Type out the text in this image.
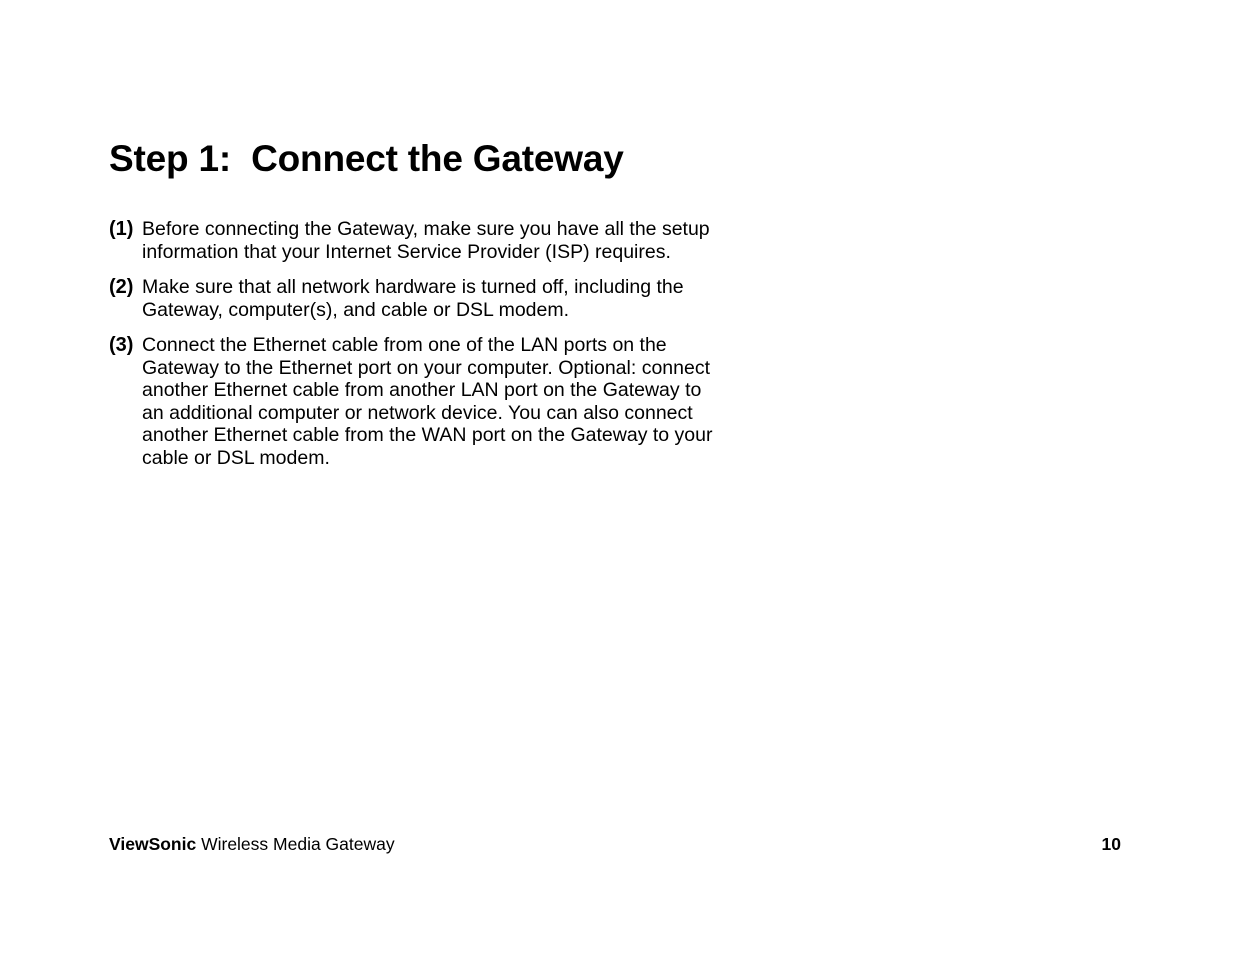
Step 1:  Connect the Gateway
(1) Before connecting the Gateway, make sure you have all the setup information that your Internet Service Provider (ISP) requires.
(2) Make sure that all network hardware is turned off, including the Gateway, computer(s), and cable or DSL modem.
(3) Connect the Ethernet cable from one of the LAN ports on the Gateway to the Ethernet port on your computer. Optional: connect another Ethernet cable from another LAN port on the Gateway to an additional computer or network device. You can also connect another Ethernet cable from the WAN port on the Gateway to your cable or DSL modem.
ViewSonic Wireless Media Gateway	10
